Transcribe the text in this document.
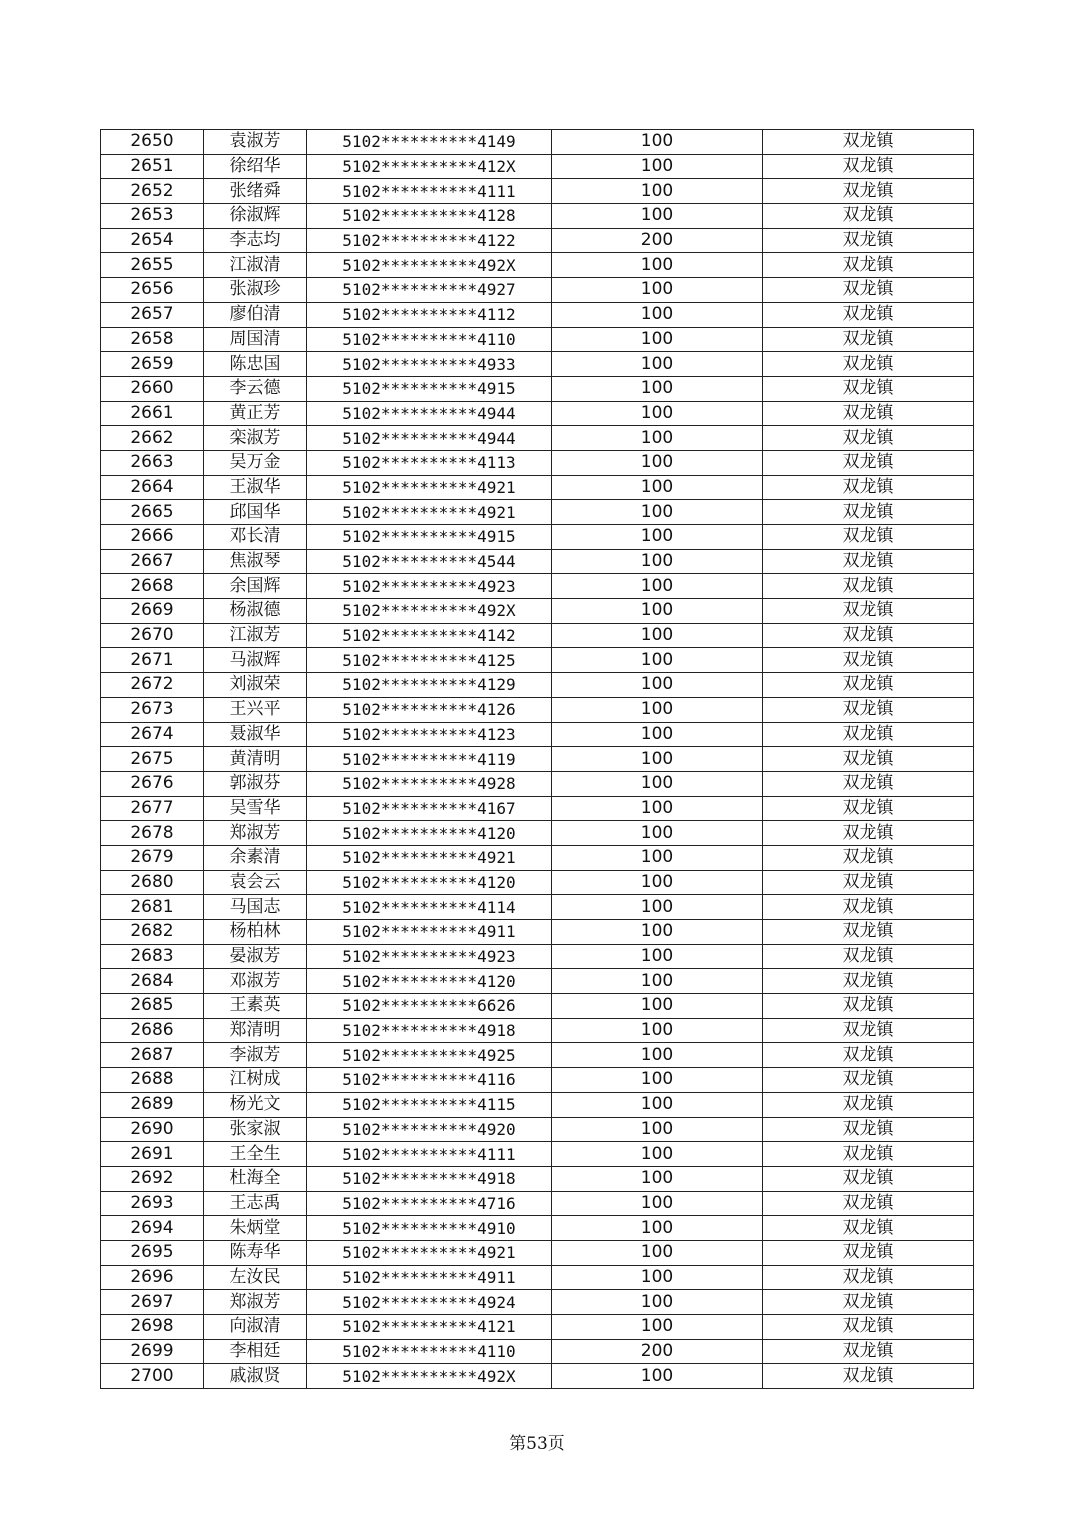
2650	袁淑芳	5102**********4149	100	双龙镇
2651	徐绍华	5102**********412X	100	双龙镇
2652	张绪舜	5102**********4111	100	双龙镇
2653	徐淑辉	5102**********4128	100	双龙镇
2654	李志均	5102**********4122	200	双龙镇
2655	江淑清	5102**********492X	100	双龙镇
2656	张淑珍	5102**********4927	100	双龙镇
2657	廖伯清	5102**********4112	100	双龙镇
2658	周国清	5102**********4110	100	双龙镇
2659	陈忠国	5102**********4933	100	双龙镇
2660	李云德	5102**********4915	100	双龙镇
2661	黄正芳	5102**********4944	100	双龙镇
2662	栾淑芳	5102**********4944	100	双龙镇
2663	吴万金	5102**********4113	100	双龙镇
2664	王淑华	5102**********4921	100	双龙镇
2665	邱国华	5102**********4921	100	双龙镇
2666	邓长清	5102**********4915	100	双龙镇
2667	焦淑琴	5102**********4544	100	双龙镇
2668	余国辉	5102**********4923	100	双龙镇
2669	杨淑德	5102**********492X	100	双龙镇
2670	江淑芳	5102**********4142	100	双龙镇
2671	马淑辉	5102**********4125	100	双龙镇
2672	刘淑荣	5102**********4129	100	双龙镇
2673	王兴平	5102**********4126	100	双龙镇
2674	聂淑华	5102**********4123	100	双龙镇
2675	黄清明	5102**********4119	100	双龙镇
2676	郭淑芬	5102**********4928	100	双龙镇
2677	吴雪华	5102**********4167	100	双龙镇
2678	郑淑芳	5102**********4120	100	双龙镇
2679	余素清	5102**********4921	100	双龙镇
2680	袁会云	5102**********4120	100	双龙镇
2681	马国志	5102**********4114	100	双龙镇
2682	杨柏林	5102**********4911	100	双龙镇
2683	晏淑芳	5102**********4923	100	双龙镇
2684	邓淑芳	5102**********4120	100	双龙镇
2685	王素英	5102**********6626	100	双龙镇
2686	郑清明	5102**********4918	100	双龙镇
2687	李淑芳	5102**********4925	100	双龙镇
2688	江树成	5102**********4116	100	双龙镇
2689	杨光文	5102**********4115	100	双龙镇
2690	张家淑	5102**********4920	100	双龙镇
2691	王全生	5102**********4111	100	双龙镇
2692	杜海全	5102**********4918	100	双龙镇
2693	王志禹	5102**********4716	100	双龙镇
2694	朱炳堂	5102**********4910	100	双龙镇
2695	陈寿华	5102**********4921	100	双龙镇
2696	左汝民	5102**********4911	100	双龙镇
2697	郑淑芳	5102**********4924	100	双龙镇
2698	向淑清	5102**********4121	100	双龙镇
2699	李相廷	5102**********4110	200	双龙镇
2700	戚淑贤	5102**********492X	100	双龙镇
第53页
